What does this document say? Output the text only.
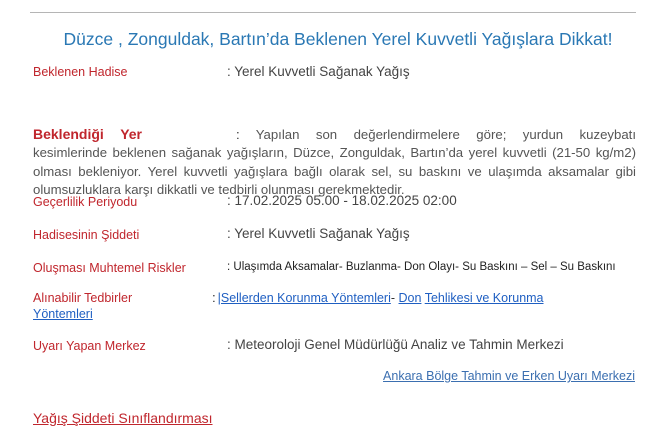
Düzce , Zonguldak, Bartın’da Beklenen Yerel Kuvvetli Yağışlara Dikkat!
Beklenen Hadise	: Yerel Kuvvetli Sağanak Yağış
Beklendiği Yer	: Yapılan son değerlendirmelere göre; yurdun kuzeybatı kesimlerinde beklenen sağanak yağışların, Düzce, Zonguldak, Bartın’da yerel kuvvetli (21-50 kg/m2) olması bekleniyor. Yerel kuvvetli yağışlara bağlı olarak sel, su baskını ve ulaşımda aksamalar gibi olumsuzluklara karşı dikkatli ve tedbirli olunması gerekmektedir.
Geçerlilik Periyodu	: 17.02.2025 05.00 - 18.02.2025 02:00
Hadisesinin Şiddeti	: Yerel Kuvvetli Sağanak Yağış
Oluşması Muhtemel Riskler	: Ulaşımda Aksamalar- Buzlanma- Don Olayı- Su Baskını – Sel – Su Baskını
Alınabilir Tedbirler	: |Sellerden Korunma Yöntemleri- Don Tehlikesi ve Korunma
Yöntemleri
Uyarı Yapan Merkez	: Meteoroloji Genel Müdürlüğü Analiz ve Tahmin Merkezi
Ankara Bölge Tahmin ve Erken Uyarı Merkezi
Yağış Şiddeti Sınıflandırması
